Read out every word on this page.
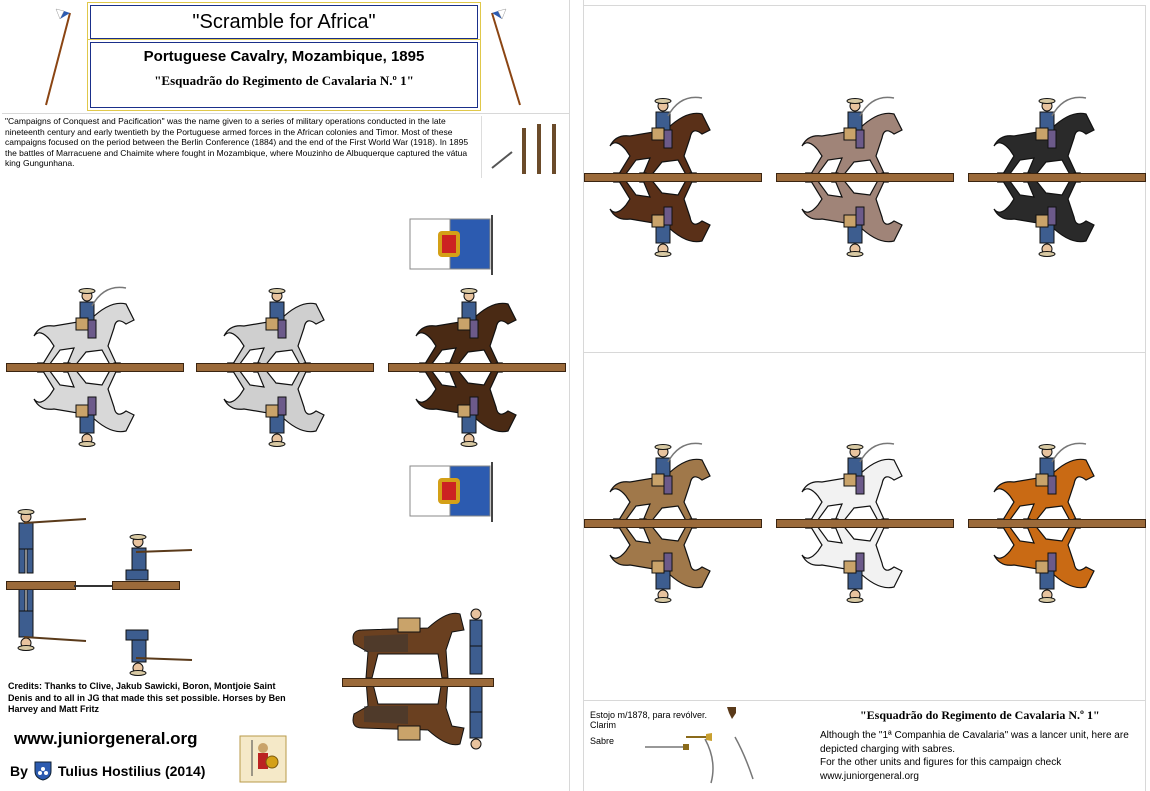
"Scramble for Africa"
Portuguese Cavalry, Mozambique, 1895
"Esquadrão do Regimento de Cavalaria N.º 1"
"Campaigns of Conquest and Pacification" was the name given to a series of military operations conducted in the late nineteenth century and early twentieth by the Portuguese armed forces in the African colonies and Timor. Most of these campaigns focused on the period between the Berlin Conference (1884) and the end of the First World War (1918). In 1895 the battles of Marracuene and Chaimite where fought in Mozambique, where Mouzinho de Albuquerque captured the vátua king Gungunhana.
Credits: Thanks to Clive, Jakub Sawicki, Boron, Montjoie Saint Denis and to all in JG that made this set possible. Horses by Ben Harvey and Matt Fritz
www.juniorgeneral.org
By Tulius Hostilius (2014)
Estojo m/1878, para revólver.
Clarim
Sabre
"Esquadrão do Regimento de Cavalaria N.º 1"
Although the "1ª Companhia de Cavalaria" was a lancer unit, here are depicted charging with sabres.
For the other units and figures for this campaign check
www.juniorgeneral.org
